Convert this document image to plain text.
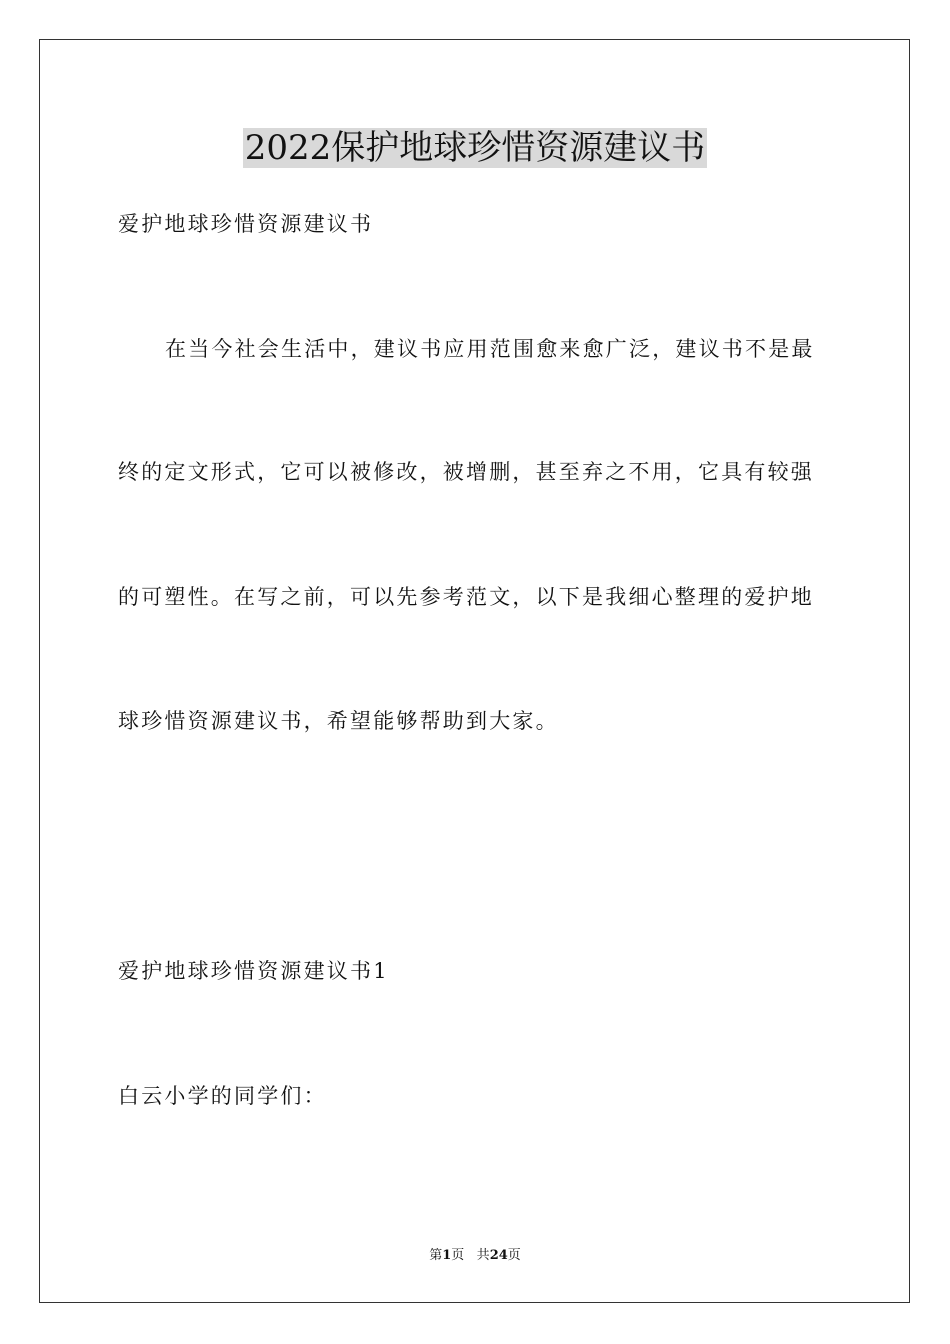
2022保护地球珍惜资源建议书
爱护地球珍惜资源建议书
在当今社会生活中，建议书应用范围愈来愈广泛，建议书不是最
终的定文形式，它可以被修改，被增删，甚至弃之不用，它具有较强
的可塑性。在写之前，可以先参考范文，以下是我细心整理的爱护地
球珍惜资源建议书，希望能够帮助到大家。
爱护地球珍惜资源建议书1
白云小学的同学们：
第1页 共24页
